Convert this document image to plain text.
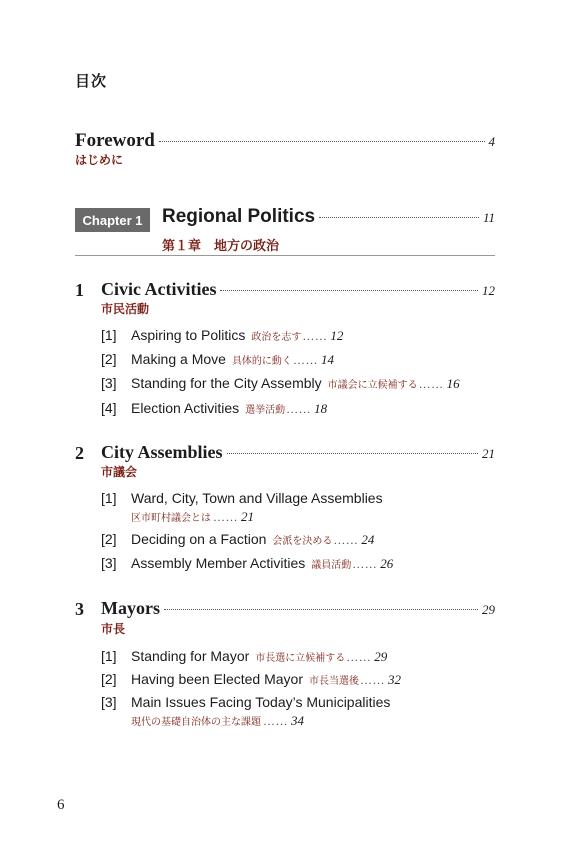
目次
Foreword	4
はじめに
Chapter 1	Regional Politics	11
第１章　地方の政治
1 Civic Activities	12
市民活動
[1]	Aspiring to Politics 政治を志す …… 12
[2]	Making a Move 具体的に動く …… 14
[3]	Standing for the City Assembly 市議会に立候補する …… 16
[4]	Election Activities 選挙活動 …… 18
2 City Assemblies	21
市議会
[1]	Ward, City, Town and Village Assemblies
区市町村議会とは …… 21
[2]	Deciding on a Faction 会派を決める …… 24
[3]	Assembly Member Activities 議員活動 …… 26
3 Mayors	29
市長
[1]	Standing for Mayor 市長選に立候補する …… 29
[2]	Having been Elected Mayor 市長当選後 …… 32
[3]	Main Issues Facing Today’s Municipalities
現代の基礎自治体の主な課題 …… 34
6
